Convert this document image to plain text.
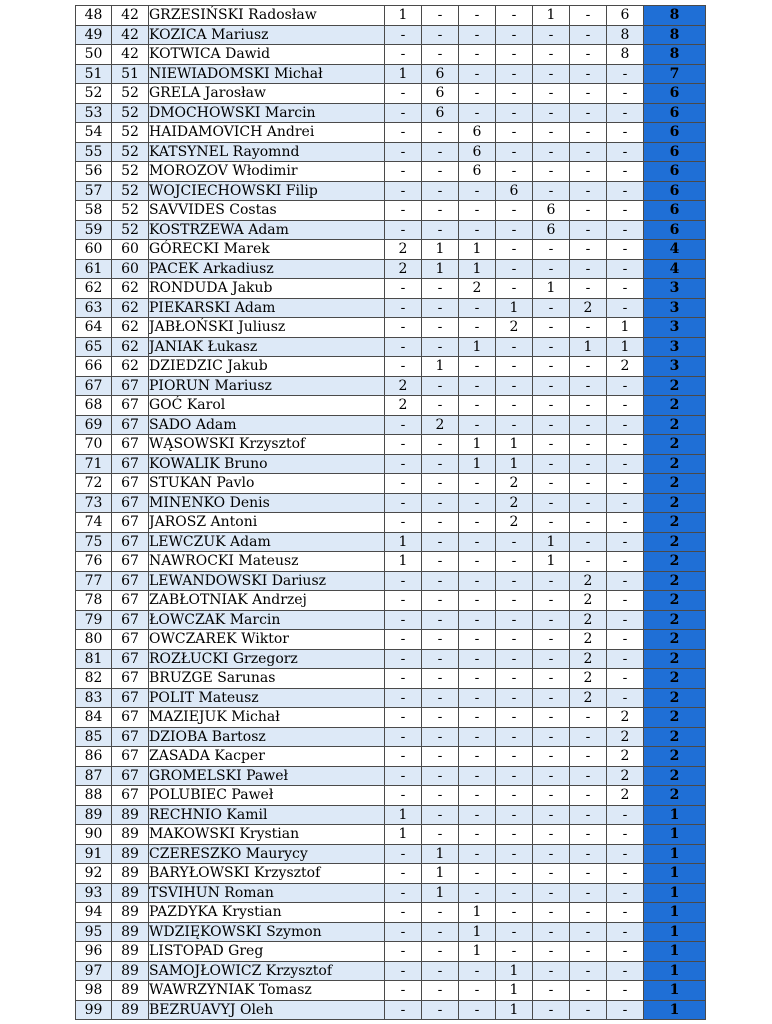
48	42	GRZESIŃSKI Radosław	1	-	-	-	1	-	6	8
49	42	KOZICA Mariusz	-	-	-	-	-	-	8	8
50	42	KOTWICA Dawid	-	-	-	-	-	-	8	8
51	51	NIEWIADOMSKI Michał	1	6	-	-	-	-	-	7
52	52	GRELA Jarosław	-	6	-	-	-	-	-	6
53	52	DMOCHOWSKI Marcin	-	6	-	-	-	-	-	6
54	52	HAIDAMOVICH Andrei	-	-	6	-	-	-	-	6
55	52	KATSYNEL Rayomnd	-	-	6	-	-	-	-	6
56	52	MOROZOV Włodimir	-	-	6	-	-	-	-	6
57	52	WOJCIECHOWSKI Filip	-	-	-	6	-	-	-	6
58	52	SAVVIDES Costas	-	-	-	-	6	-	-	6
59	52	KOSTRZEWA Adam	-	-	-	-	6	-	-	6
60	60	GÓRECKI Marek	2	1	1	-	-	-	-	4
61	60	PACEK Arkadiusz	2	1	1	-	-	-	-	4
62	62	RONDUDA Jakub	-	-	2	-	1	-	-	3
63	62	PIEKARSKI Adam	-	-	-	1	-	2	-	3
64	62	JABŁOŃSKI Juliusz	-	-	-	2	-	-	1	3
65	62	JANIAK Łukasz	-	-	1	-	-	1	1	3
66	62	DZIEDZIC Jakub	-	1	-	-	-	-	2	3
67	67	PIORUN Mariusz	2	-	-	-	-	-	-	2
68	67	GOĆ Karol	2	-	-	-	-	-	-	2
69	67	SADO Adam	-	2	-	-	-	-	-	2
70	67	WĄSOWSKI Krzysztof	-	-	1	1	-	-	-	2
71	67	KOWALIK Bruno	-	-	1	1	-	-	-	2
72	67	STUKAN Pavlo	-	-	-	2	-	-	-	2
73	67	MINENKO Denis	-	-	-	2	-	-	-	2
74	67	JAROSZ Antoni	-	-	-	2	-	-	-	2
75	67	LEWCZUK Adam	1	-	-	-	1	-	-	2
76	67	NAWROCKI Mateusz	1	-	-	-	1	-	-	2
77	67	LEWANDOWSKI Dariusz	-	-	-	-	-	2	-	2
78	67	ZABŁOTNIAK Andrzej	-	-	-	-	-	2	-	2
79	67	ŁOWCZAK Marcin	-	-	-	-	-	2	-	2
80	67	OWCZAREK Wiktor	-	-	-	-	-	2	-	2
81	67	ROZŁUCKI Grzegorz	-	-	-	-	-	2	-	2
82	67	BRUZGE Sarunas	-	-	-	-	-	2	-	2
83	67	POLIT Mateusz	-	-	-	-	-	2	-	2
84	67	MAZIEJUK Michał	-	-	-	-	-	-	2	2
85	67	DZIOBA Bartosz	-	-	-	-	-	-	2	2
86	67	ZASADA Kacper	-	-	-	-	-	-	2	2
87	67	GROMELSKI Paweł	-	-	-	-	-	-	2	2
88	67	POLUBIEC Paweł	-	-	-	-	-	-	2	2
89	89	RECHNIO Kamil	1	-	-	-	-	-	-	1
90	89	MAKOWSKI Krystian	1	-	-	-	-	-	-	1
91	89	CZERESZKO Maurycy	-	1	-	-	-	-	-	1
92	89	BARYŁOWSKI Krzysztof	-	1	-	-	-	-	-	1
93	89	TSVIHUN Roman	-	1	-	-	-	-	-	1
94	89	PAZDYKA Krystian	-	-	1	-	-	-	-	1
95	89	WDZIĘKOWSKI Szymon	-	-	1	-	-	-	-	1
96	89	LISTOPAD Greg	-	-	1	-	-	-	-	1
97	89	SAMOJŁOWICZ Krzysztof	-	-	-	1	-	-	-	1
98	89	WAWRZYNIAK Tomasz	-	-	-	1	-	-	-	1
99	89	BEZRUAVYJ Oleh	-	-	-	1	-	-	-	1
